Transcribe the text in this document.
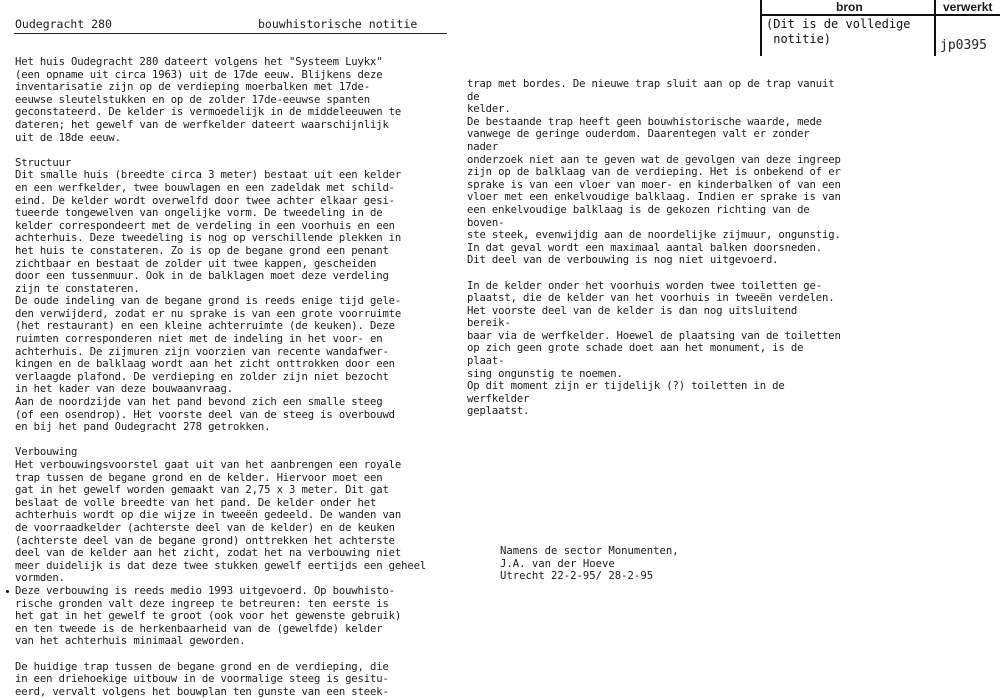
Oudegracht 280	bouwhistorische notitie
bron	verwerkt
(Dit is de volledige
notitie)	jp0395

Het huis Oudegracht 280 dateert volgens het "Systeem Luykx"
(een opname uit circa 1963) uit de 17de eeuw. Blijkens deze
inventarisatie zijn op de verdieping moerbalken met 17de-
eeuwse sleutelstukken en op de zolder 17de-eeuwse spanten
geconstateerd. De kelder is vermoedelijk in de middeleeuwen te
dateren; het gewelf van de werfkelder dateert waarschijnlijk
uit de 18de eeuw.

Structuur

Dit smalle huis (breedte circa 3 meter) bestaat uit een kelder
en een werfkelder, twee bouwlagen en een zadeldak met schild-
eind. De kelder wordt overwelfd door twee achter elkaar gesi-
tueerde tongewelven van ongelijke vorm. De tweedeling in de
kelder correspondeert met de verdeling in een voorhuis en een
achterhuis. Deze tweedeling is nog op verschillende plekken in
het huis te constateren. Zo is op de begane grond een penant
zichtbaar en bestaat de zolder uit twee kappen, gescheiden
door een tussenmuur. Ook in de balklagen moet deze verdeling
zijn te constateren.

De oude indeling van de begane grond is reeds enige tijd gele-
den verwijderd, zodat er nu sprake is van een grote voorruimte
(het restaurant) en een kleine achterruimte (de keuken). Deze
ruimten corresponderen niet met de indeling in het voor- en
achterhuis. De zijmuren zijn voorzien van recente wandafwer-
kingen en de balklaag wordt aan het zicht onttrokken door een
verlaagde plafond. De verdieping en zolder zijn niet bezocht
in het kader van deze bouwaanvraag.

Aan de noordzijde van het pand bevond zich een smalle steeg
(of een osendrop). Het voorste deel van de steeg is overbouwd
en bij het pand Oudegracht 278 getrokken.

Verbouwing

Het verbouwingsvoorstel gaat uit van het aanbrengen een royale
trap tussen de begane grond en de kelder. Hiervoor moet een
gat in het gewelf worden gemaakt van 2,75 x 3 meter. Dit gat
beslaat de volle breedte van het pand. De kelder onder het
achterhuis wordt op die wijze in tweeën gedeeld. De wanden van
de voorraadkelder (achterste deel van de kelder) en de keuken
(achterste deel van de begane grond) onttrekken het achterste
deel van de kelder aan het zicht, zodat het na verbouwing niet
meer duidelijk is dat deze twee stukken gewelf eertijds een geheel
vormden.

Deze verbouwing is reeds medio 1993 uitgevoerd. Op bouwhisto-
rische gronden valt deze ingreep te betreuren: ten eerste is
het gat in het gewelf te groot (ook voor het gewenste gebruik)
en ten tweede is de herkenbaarheid van de (gewelfde) kelder
van het achterhuis minimaal geworden.

De huidige trap tussen de begane grond en de verdieping, die
in een driehoekige uitbouw in de voormalige steeg is gesitu-
eerd, vervalt volgens het bouwplan ten gunste van een steek-

trap met bordes. De nieuwe trap sluit aan op de trap vanuit de
kelder.

De bestaande trap heeft geen bouwhistorische waarde, mede
vanwege de geringe ouderdom. Daarentegen valt er zonder nader
onderzoek niet aan te geven wat de gevolgen van deze ingreep
zijn op de balklaag van de verdieping. Het is onbekend of er
sprake is van een vloer van moer- en kinderbalken of van een
vloer met een enkelvoudige balklaag. Indien er sprake is van
een enkelvoudige balklaag is de gekozen richting van de boven-
ste steek, evenwijdig aan de noordelijke zijmuur, ongunstig.
In dat geval wordt een maximaal aantal balken doorsneden.
Dit deel van de verbouwing is nog niet uitgevoerd.

In de kelder onder het voorhuis worden twee toiletten ge-
plaatst, die de kelder van het voorhuis in tweeën verdelen.
Het voorste deel van de kelder is dan nog uitsluitend bereik-
baar via de werfkelder. Hoewel de plaatsing van de toiletten
op zich geen grote schade doet aan het monument, is de plaat-
sing ongunstig te noemen.
Op dit moment zijn er tijdelijk (?) toiletten in de werfkelder
geplaatst.

Namens de sector Monumenten,
J.A. van der Hoeve
Utrecht 22-2-95/ 28-2-95
